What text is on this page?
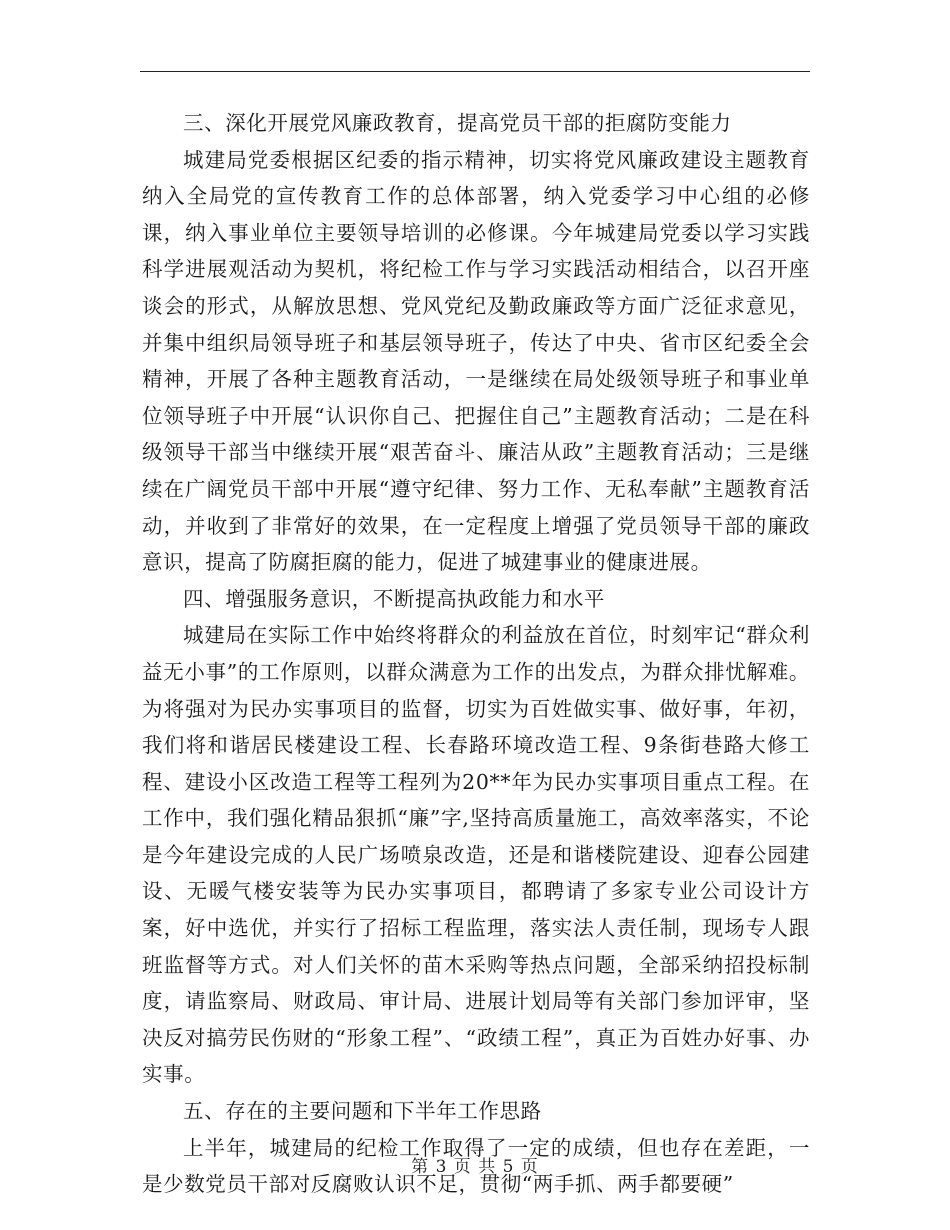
三、深化开展党风廉政教育，提高党员干部的拒腐防变能力

城建局党委根据区纪委的指示精神，切实将党风廉政建设主题教育纳入全局党的宣传教育工作的总体部署，纳入党委学习中心组的必修课，纳入事业单位主要领导培训的必修课。今年城建局党委以学习实践科学进展观活动为契机，将纪检工作与学习实践活动相结合，以召开座谈会的形式，从解放思想、党风党纪及勤政廉政等方面广泛征求意见，并集中组织局领导班子和基层领导班子，传达了中央、省市区纪委全会精神，开展了各种主题教育活动，一是继续在局处级领导班子和事业单位领导班子中开展“认识你自己、把握住自己”主题教育活动；二是在科级领导干部当中继续开展“艰苦奋斗、廉洁从政”主题教育活动；三是继续在广阔党员干部中开展“遵守纪律、努力工作、无私奉献”主题教育活动，并收到了非常好的效果，在一定程度上增强了党员领导干部的廉政意识，提高了防腐拒腐的能力，促进了城建事业的健康进展。

四、增强服务意识，不断提高执政能力和水平

城建局在实际工作中始终将群众的利益放在首位，时刻牢记“群众利益无小事”的工作原则，以群众满意为工作的出发点，为群众排忧解难。为将强对为民办实事项目的监督，切实为百姓做实事、做好事，年初，我们将和谐居民楼建设工程、长春路环境改造工程、9条街巷路大修工程、建设小区改造工程等工程列为20**年为民办实事项目重点工程。在工作中，我们强化精品狠抓“廉”字,坚持高质量施工，高效率落实，不论是今年建设完成的人民广场喷泉改造，还是和谐楼院建设、迎春公园建设、无暖气楼安装等为民办实事项目，都聘请了多家专业公司设计方案，好中选优，并实行了招标工程监理，落实法人责任制，现场专人跟班监督等方式。对人们关怀的苗木采购等热点问题，全部采纳招投标制度，请监察局、财政局、审计局、进展计划局等有关部门参加评审，坚决反对搞劳民伤财的“形象工程”、“政绩工程”，真正为百姓办好事、办实事。

五、存在的主要问题和下半年工作思路

上半年，城建局的纪检工作取得了一定的成绩，但也存在差距，一是少数党员干部对反腐败认识不足，贯彻“两手抓、两手都要硬”

第 3 页 共 5 页
